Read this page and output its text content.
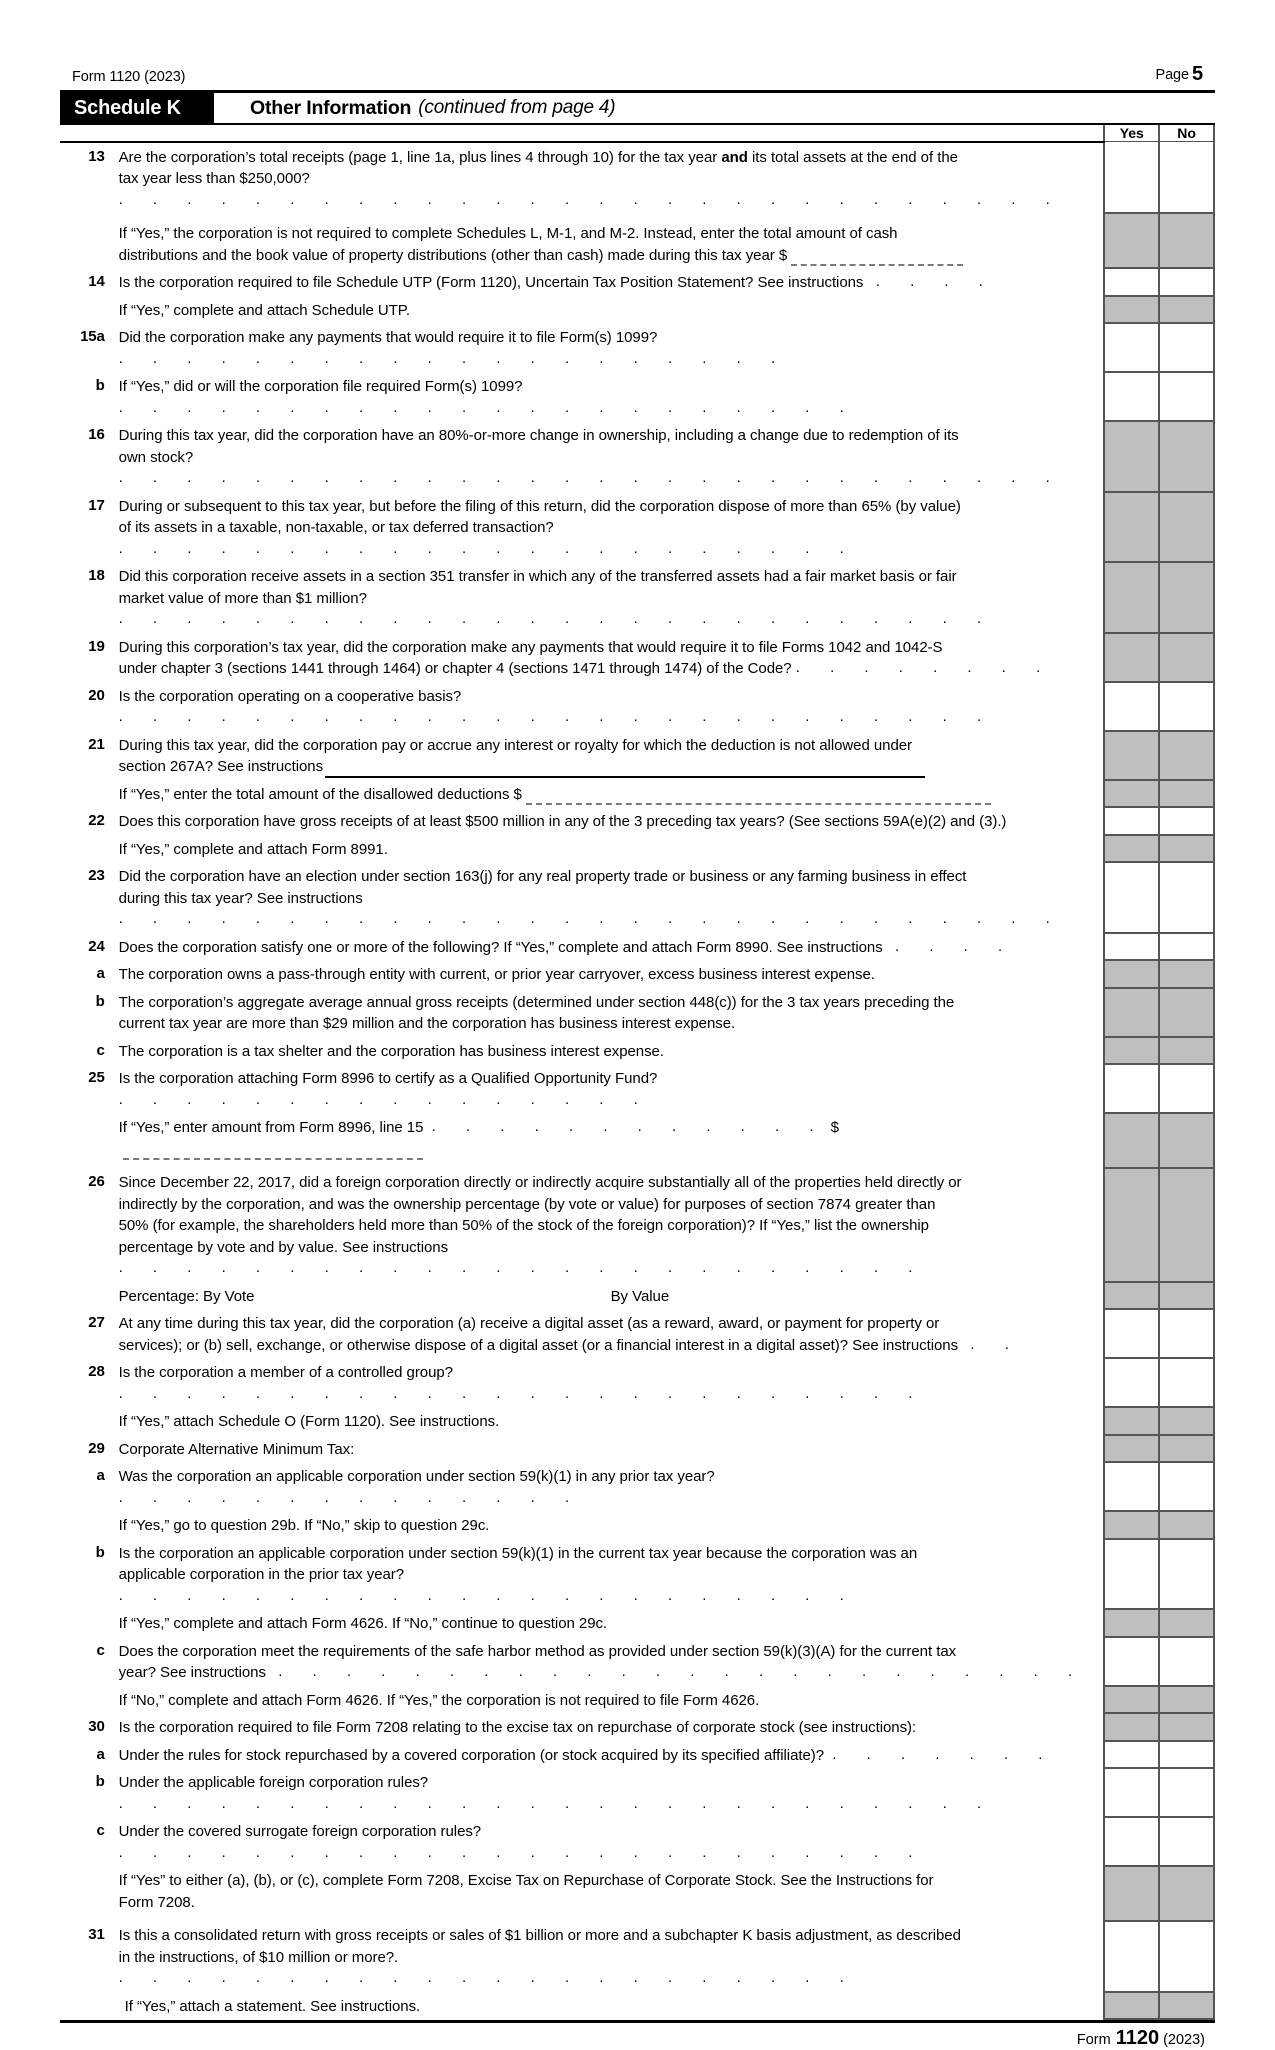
Form 1120 (2023)	Page 5
Schedule K	Other Information (continued from page 4)
		Yes	No
13	Are the corporation’s total receipts (page 1, line 1a, plus lines 4 through 10) for the tax year and its total assets at the end of the

tax year less than $250,000?   . . . . . . . . . . . . . . . . . . . . . . . . . . . .		

	If “Yes,” the corporation is not required to complete Schedules L, M-1, and M-2. Instead, enter the total amount of cash

distributions and the book value of property distributions (other than cash) made during this tax year $		

14	Is the corporation required to file Schedule UTP (Form 1120), Uncertain Tax Position Statement? See instructions . . . .		

	If “Yes,” complete and attach Schedule UTP.		

15a	Did the corporation make any payments that would require it to file Form(s) 1099? . . . . . . . . . . . . . . . . . . . .		

b	If “Yes,” did or will the corporation file required Form(s) 1099? . . . . . . . . . . . . . . . . . . . . . .		

16	During this tax year, did the corporation have an 80%-or-more change in ownership, including a change due to redemption of its

own stock?  . . . . . . . . . . . . . . . . . . . . . . . . . . . .		

17	During or subsequent to this tax year, but before the filing of this return, did the corporation dispose of more than 65% (by value)

of its assets in a taxable, non-taxable, or tax deferred transaction?  . . . . . . . . . . . . . . . . . . . . . .		

18	Did this corporation receive assets in a section 351 transfer in which any of the transferred assets had a fair market basis or fair

market value of more than $1 million? . . . . . . . . . . . . . . . . . . . . . . . . . .		

19	During this corporation’s tax year, did the corporation make any payments that would require it to file Forms 1042 and 1042-S

under chapter 3 (sections 1441 through 1464) or chapter 4 (sections 1471 through 1474) of the Code? . . . . . . . .		

20	Is the corporation operating on a cooperative basis?   . . . . . . . . . . . . . . . . . . . . . . . . . .		

21	During this tax year, did the corporation pay or accrue any interest or royalty for which the deduction is not allowed under

section 267A? See instructions		

	If “Yes,” enter the total amount of the disallowed deductions $		

22	Does this corporation have gross receipts of at least $500 million in any of the 3 preceding tax years? (See sections 59A(e)(2) and (3).)		

	If “Yes,” complete and attach Form 8991.		

23	Did the corporation have an election under section 163(j) for any real property trade or business or any farming business in effect

during this tax year? See instructions  . . . . . . . . . . . . . . . . . . . . . . . . . . . .		

24	Does the corporation satisfy one or more of the following? If “Yes,” complete and attach Form 8990. See instructions . . . .		

a	The corporation owns a pass-through entity with current, or prior year carryover, excess business interest expense.		

b	The corporation’s aggregate average annual gross receipts (determined under section 448(c)) for the 3 tax years preceding the

current tax year are more than $29 million and the corporation has business interest expense.		

c	The corporation is a tax shelter and the corporation has business interest expense.		

25	Is the corporation attaching Form 8996 to certify as a Qualified Opportunity Fund?   . . . . . . . . . . . . . . . .		

	If “Yes,” enter amount from Form 8996, line 15 . . . . . . . . . . . . $		

26	Since December 22, 2017, did a foreign corporation directly or indirectly acquire substantially all of the properties held directly or

indirectly by the corporation, and was the ownership percentage (by vote or value) for purposes of section 7874 greater than

50% (for example, the shareholders held more than 50% of the stock of the foreign corporation)? If “Yes,” list the ownership

percentage by vote and by value. See instructions  . . . . . . . . . . . . . . . . . . . . . . . .		

	Percentage: By Vote By Value		

27	At any time during this tax year, did the corporation (a) receive a digital asset (as a reward, award, or payment for property or

services); or (b) sell, exchange, or otherwise dispose of a digital asset (or a financial interest in a digital asset)? See instructions . .		

28	Is the corporation a member of a controlled group? . . . . . . . . . . . . . . . . . . . . . . . .		

	If “Yes,” attach Schedule O (Form 1120). See instructions.		

29	Corporate Alternative Minimum Tax:		

a	Was the corporation an applicable corporation under section 59(k)(1) in any prior tax year?   . . . . . . . . . . . . . .		

	If “Yes,” go to question 29b. If “No,” skip to question 29c.		

b	Is the corporation an applicable corporation under section 59(k)(1) in the current tax year because the corporation was an

applicable corporation in the prior tax year?  . . . . . . . . . . . . . . . . . . . . . .		

	If “Yes,” complete and attach Form 4626. If “No,” continue to question 29c.		

c	Does the corporation meet the requirements of the safe harbor method as provided under section 59(k)(3)(A) for the current tax

year? See instructions . . . . . . . . . . . . . . . . . . . . . . . .		

	If “No,” complete and attach Form 4626. If “Yes,” the corporation is not required to file Form 4626.		

30	Is the corporation required to file Form 7208 relating to the excise tax on repurchase of corporate stock (see instructions):		

a	Under the rules for stock repurchased by a covered corporation (or stock acquired by its specified affiliate)? . . . . . . .		

b	Under the applicable foreign corporation rules?  . . . . . . . . . . . . . . . . . . . . . . . . . .		

c	Under the covered surrogate foreign corporation rules? . . . . . . . . . . . . . . . . . . . . . . . .		

	If “Yes” to either (a), (b), or (c), complete Form 7208, Excise Tax on Repurchase of Corporate Stock. See the Instructions for

Form 7208.		

31	Is this a consolidated return with gross receipts or sales of $1 billion or more and a subchapter K basis adjustment, as described

in the instructions, of $10 million or more?.  . . . . . . . . . . . . . . . . . . . . . .		

	If “Yes,” attach a statement. See instructions.		

Form 1120 (2023)
